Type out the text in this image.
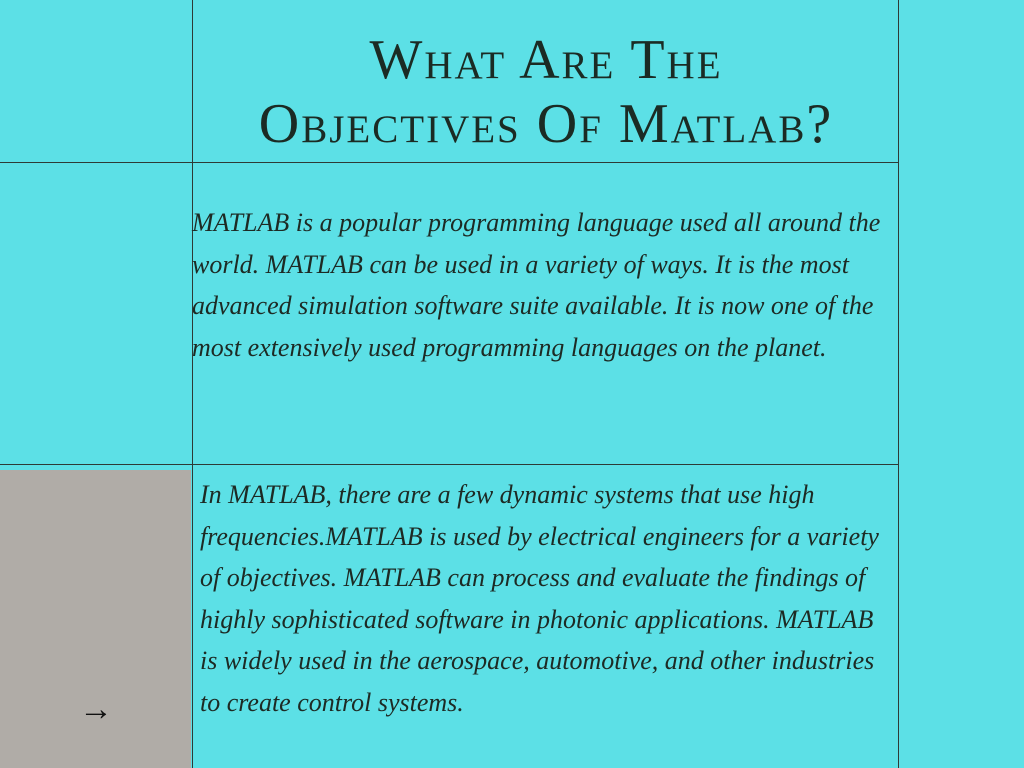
→
What Are The
Objectives Of Matlab?

MATLAB is a popular programming language used all around the world. MATLAB can be used in a variety of ways. It is the most advanced simulation software suite available. It is now one of the most extensively used programming languages on the planet.

In MATLAB, there are a few dynamic systems that use high frequencies.MATLAB is used by electrical engineers for a variety of objectives. MATLAB can process and evaluate the findings of highly sophisticated software in photonic applications. MATLAB is widely used in the aerospace, automotive, and other industries to create control systems.
